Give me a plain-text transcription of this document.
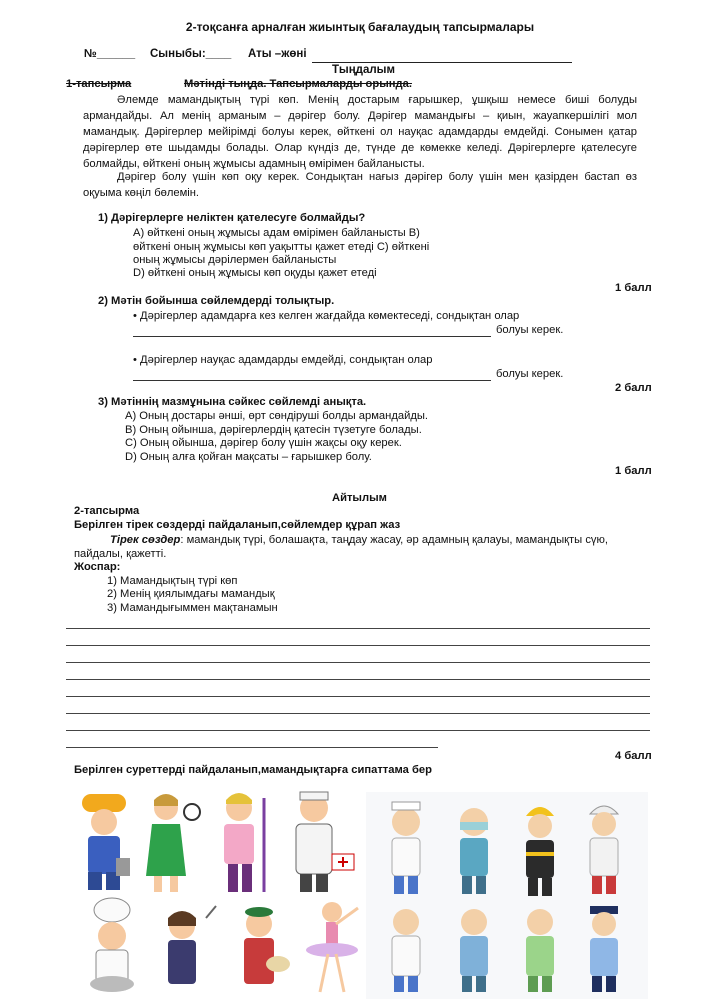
2-тоқсанға арналған жиынтық бағалаудың тапсырмалары
№______ Сыныбы:____ Аты –жөні
Тыңдалым
1-тапсырма	Мәтінді тыңда. Тапсырмаларды орында.
Әлемде мамандықтың түрі көп. Менің достарым ғарышкер, ұшқыш немесе биші болуды армандайды. Ал менің арманым – дәрігер болу. Дәрігер мамандығы – қиын, жауапкершілігі мол мамандық. Дәрігерлер мейірімді болуы керек, өйткені ол науқас адамдарды емдейді. Сонымен қатар дәрігерлер өте шыдамды болады. Олар күндіз де, түнде де көмекке келеді. Дәрігерлерге қателесуге болмайды, өйткені оның жұмысы адамның өмірімен байланысты.
Дәрігер болу үшін көп оқу керек. Сондықтан нағыз дәрігер болу үшін мен қазірден бастап өз оқуыма көңіл бөлемін.
1) Дәрігерлерге неліктен қателесуге болмайды?
А) өйткені оның жұмысы адам өмірімен байланысты В)
өйткені оның жұмысы көп уақытты қажет етеді С) өйткені
оның жұмысы дәрілермен байланысты
D) өйткені оның жұмысы көп оқуды қажет етеді
1 балл
2) Мәтін бойынша сөйлемдерді толықтыр.
• Дәрігерлер адамдарға кез келген жағдайда көмектеседі, сондықтан олар
болуы керек.
• Дәрігерлер науқас адамдарды емдейді, сондықтан олар
болуы керек.
2 балл
3) Мәтіннің мазмұнына сәйкес сөйлемді анықта.
A) Оның достары әнші, өрт сөндіруші болды армандайды.
B) Оның ойынша, дәрігерлердің қатесін түзетуге болады.
C) Оның ойынша, дәрігер болу үшін жақсы оқу керек.
D) Оның алға қойған мақсаты – ғарышкер болу.
1 балл
Айтылым
2-тапсырма
Берілген тірек сөздерді пайдаланып,сөйлемдер құрап жаз
Тірек сөздер: мамандық түрі, болашақта, таңдау жасау, әр адамның қалауы, мамандықты сүю,
пайдалы, қажетті.
Жоспар:
1) Мамандықтың түрі көп
2) Менің қиялымдағы мамандық
3) Мамандығыммен мақтанамын
4 балл
Берілген суреттерді пайдаланып,мамандықтарға сипаттама бер
